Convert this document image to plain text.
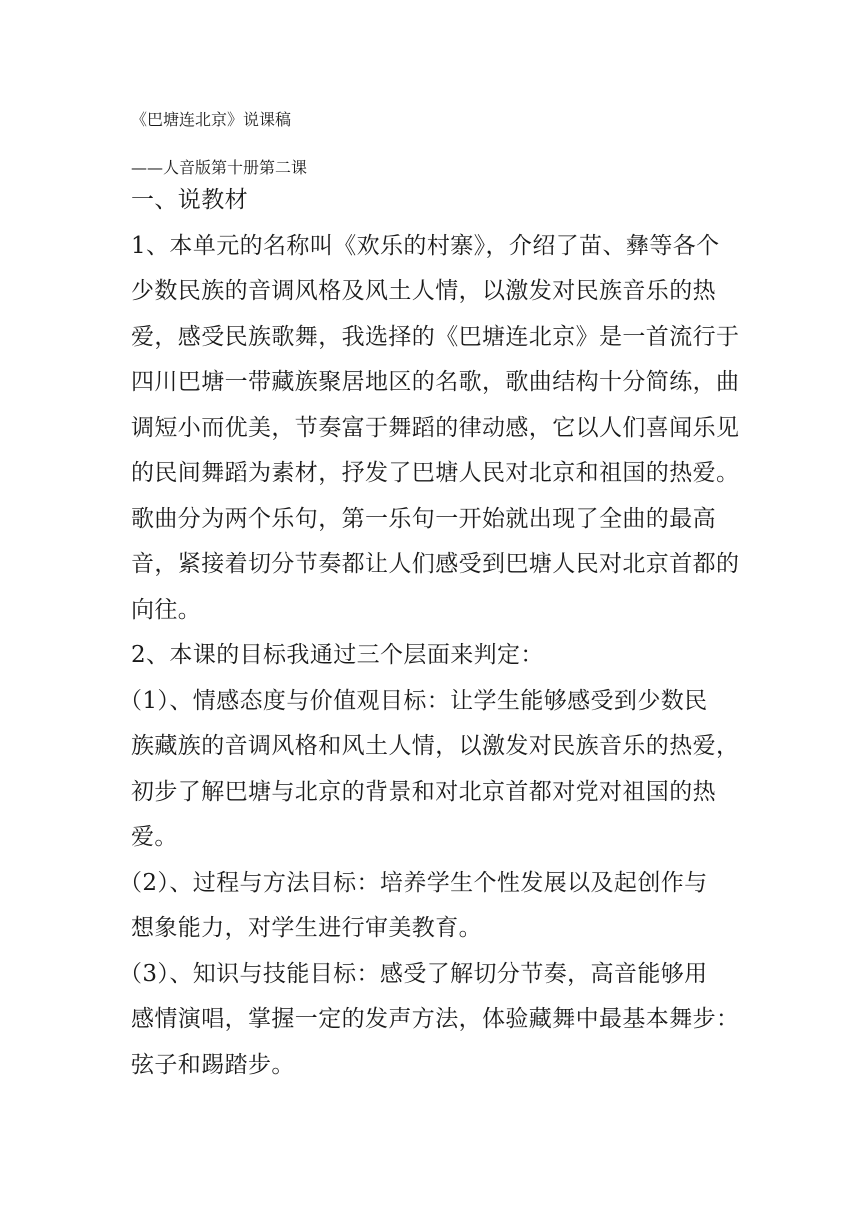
《巴塘连北京》说课稿
——人音版第十册第二课
一、说教材
1、本单元的名称叫《欢乐的村寨》，介绍了苗、彝等各个
少数民族的音调风格及风土人情，以激发对民族音乐的热
爱，感受民族歌舞，我选择的《巴塘连北京》是一首流行于
四川巴塘一带藏族聚居地区的名歌，歌曲结构十分简练，曲
调短小而优美，节奏富于舞蹈的律动感，它以人们喜闻乐见
的民间舞蹈为素材，抒发了巴塘人民对北京和祖国的热爱。
歌曲分为两个乐句，第一乐句一开始就出现了全曲的最高
音，紧接着切分节奏都让人们感受到巴塘人民对北京首都的
向往。
2、本课的目标我通过三个层面来判定：
（1）、情感态度与价值观目标：让学生能够感受到少数民
族藏族的音调风格和风土人情，以激发对民族音乐的热爱，
初步了解巴塘与北京的背景和对北京首都对党对祖国的热
爱。
（2）、过程与方法目标：培养学生个性发展以及起创作与
想象能力，对学生进行审美教育。
（3）、知识与技能目标：感受了解切分节奏，高音能够用
感情演唱，掌握一定的发声方法，体验藏舞中最基本舞步：
弦子和踢踏步。
